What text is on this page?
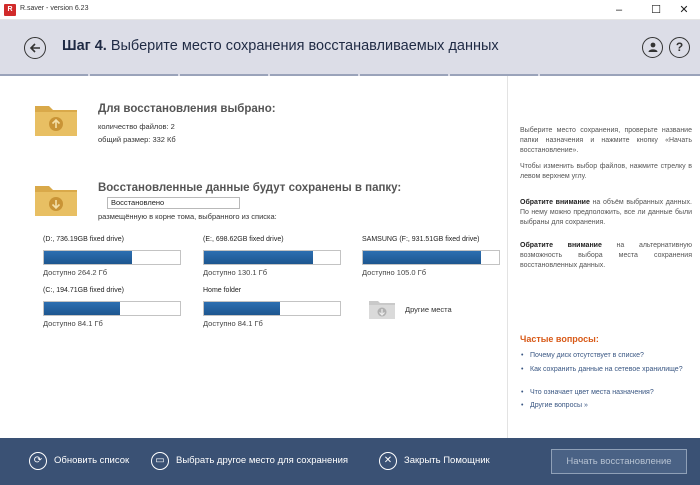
R	R.saver - version 6.23	–	☐	✕
Шаг 4. Выберите место сохранения восстанавливаемых данных	?
Для восстановления выбрано:
количество файлов: 2
общий размер: 332 Кб
Восстановленные данные будут сохранены в папку:
Восстановлено
размещённую в корне тома, выбранного из списка:
(D:, 736.19GB fixed drive)
Доступно 264.2 Гб
(E:, 698.62GB fixed drive)
Доступно 130.1 Гб
SAMSUNG (F:, 931.51GB fixed drive)
Доступно 105.0 Гб
(C:, 194.71GB fixed drive)
Доступно 84.1 Гб
Home folder
Доступно 84.1 Гб
Другие места
Выберите место сохранения, проверьте название папки назначения и нажмите кнопку «Начать восстановление».
Чтобы изменить выбор файлов, нажмите стрелку в левом верхнем углу.
Обратите внимание на объём выбранных данных. По нему можно предположить, все ли данные были выбраны для сохранения.
Обратите внимание на альтернативную возможность выбора места сохранения восстановленных данных.
Частые вопросы:
• Почему диск отсутствует в списке?
• Как сохранить данные на сетевое хранилище?
• Что означает цвет места назначения?
• Другие вопросы »
⟳	Обновить список	▭	Выбрать другое место для сохранения	✕	Закрыть Помощник	Начать восстановление
